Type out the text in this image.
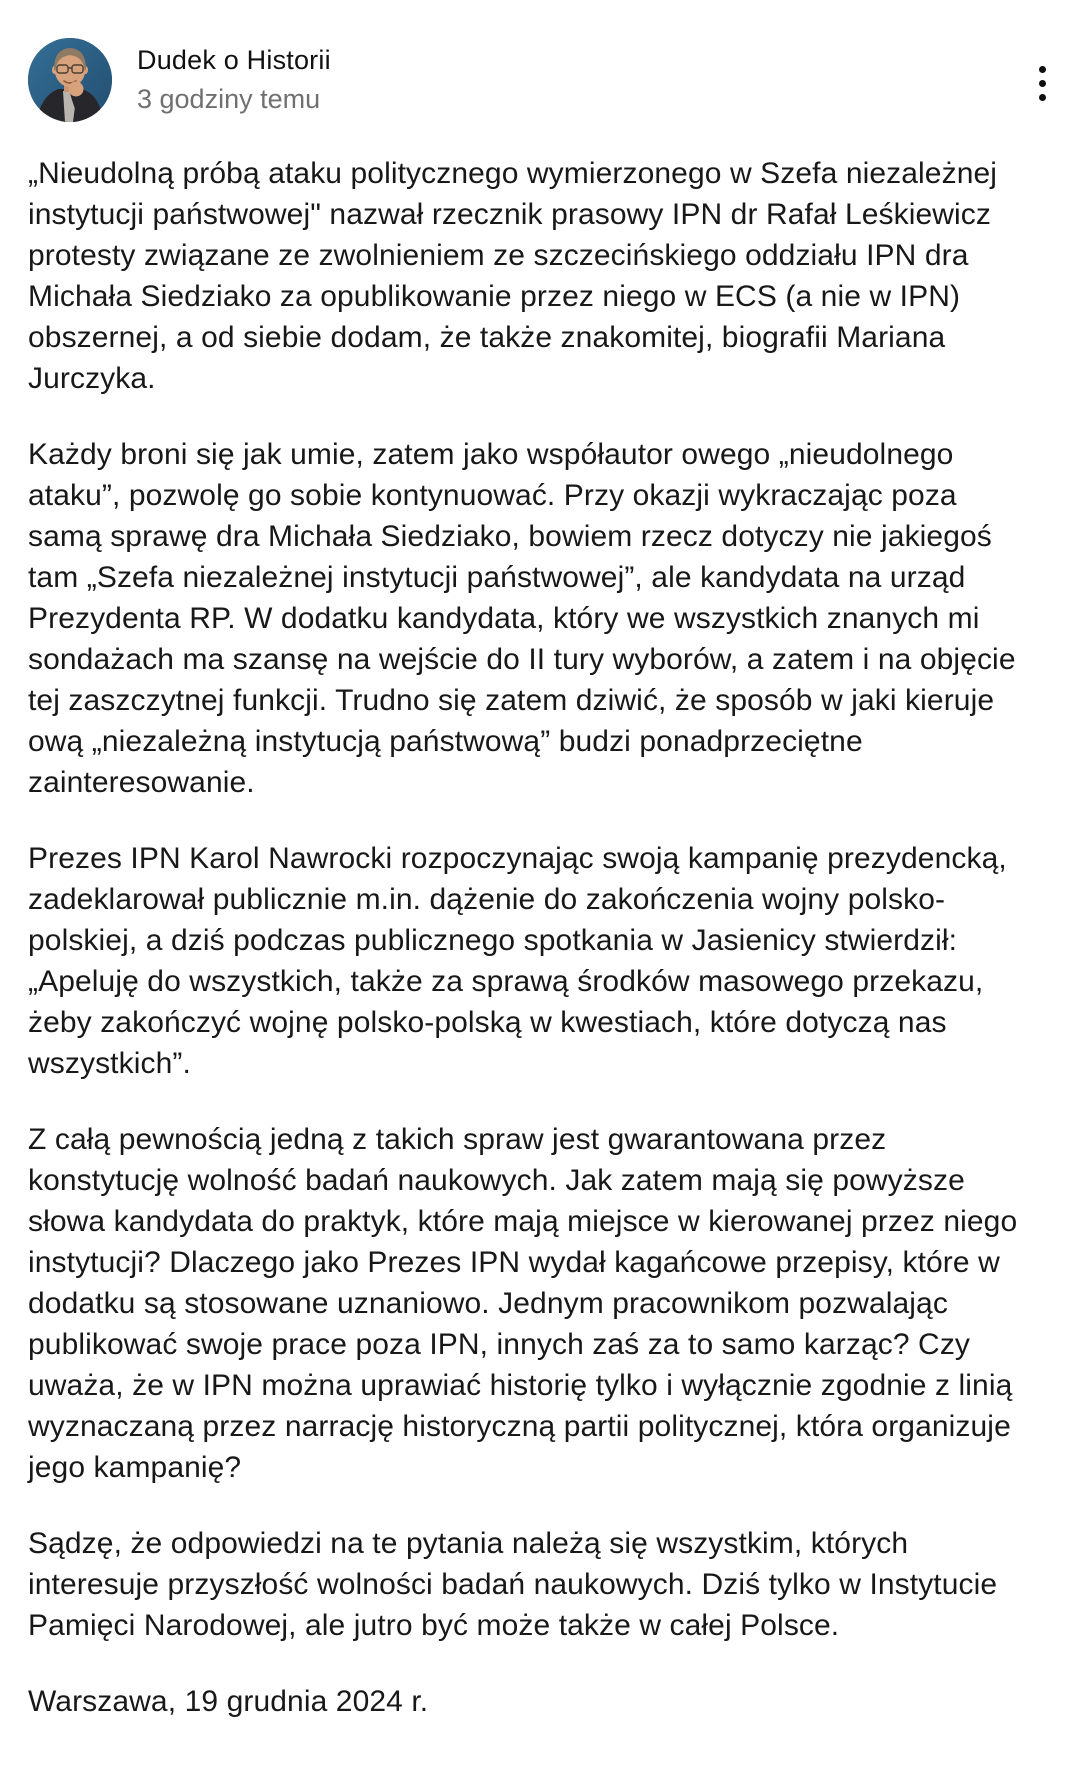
Dudek o Historii
3 godziny temu

„Nieudolną próbą ataku politycznego wymierzonego w Szefa niezależnej instytucji państwowej" nazwał rzecznik prasowy IPN dr Rafał Leśkiewicz protesty związane ze zwolnieniem ze szczecińskiego oddziału IPN dra Michała Siedziako za opublikowanie przez niego w ECS (a nie w IPN) obszernej, a od siebie dodam, że także znakomitej, biografii Mariana Jurczyka.

Każdy broni się jak umie, zatem jako współautor owego „nieudolnego ataku”, pozwolę go sobie kontynuować. Przy okazji wykraczając poza samą sprawę dra Michała Siedziako, bowiem rzecz dotyczy nie jakiegoś tam „Szefa niezależnej instytucji państwowej”, ale kandydata na urząd Prezydenta RP. W dodatku kandydata, który we wszystkich znanych mi sondażach ma szansę na wejście do II tury wyborów, a zatem i na objęcie tej zaszczytnej funkcji. Trudno się zatem dziwić, że sposób w jaki kieruje ową „niezależną instytucją państwową” budzi ponadprzeciętne zainteresowanie.

Prezes IPN Karol Nawrocki rozpoczynając swoją kampanię prezydencką, zadeklarował publicznie m.in. dążenie do zakończenia wojny polsko-polskiej, a dziś podczas publicznego spotkania w Jasienicy stwierdził: „Apeluję do wszystkich, także za sprawą środków masowego przekazu, żeby zakończyć wojnę polsko-polską w kwestiach, które dotyczą nas wszystkich”.

Z całą pewnością jedną z takich spraw jest gwarantowana przez konstytucję wolność badań naukowych. Jak zatem mają się powyższe słowa kandydata do praktyk, które mają miejsce w kierowanej przez niego instytucji? Dlaczego jako Prezes IPN wydał kagańcowe przepisy, które w dodatku są stosowane uznaniowo. Jednym pracownikom pozwalając publikować swoje prace poza IPN, innych zaś za to samo karząc? Czy uważa, że w IPN można uprawiać historię tylko i wyłącznie zgodnie z linią wyznaczaną przez narrację historyczną partii politycznej, która organizuje jego kampanię?

Sądzę, że odpowiedzi na te pytania należą się wszystkim, których interesuje przyszłość wolności badań naukowych. Dziś tylko w Instytucie Pamięci Narodowej, ale jutro być może także w całej Polsce.

Warszawa, 19 grudnia 2024 r.
